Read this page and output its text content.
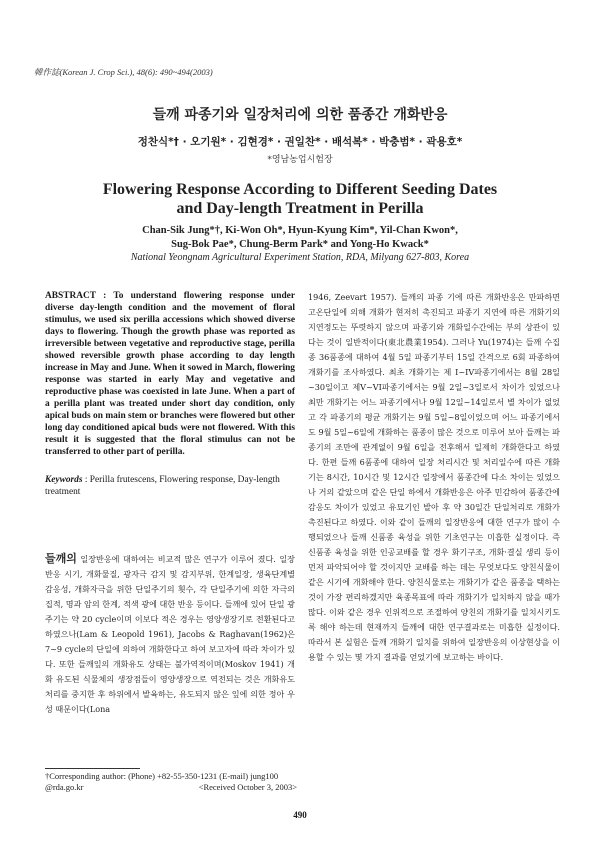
韓作誌(Korean J. Crop Sci.), 48(6): 490~494(2003)
들깨 파종기와 일장처리에 의한 품종간 개화반응
정찬식*† · 오기원* · 김현경* · 권일찬* · 배석복* · 박충범* · 곽용호*
*영남농업시험장
Flowering Response According to Different Seeding Dates
and Day-length Treatment in Perilla
Chan-Sik Jung*†, Ki-Won Oh*, Hyun-Kyung Kim*, Yil-Chan Kwon*,
Sug-Bok Pae*, Chung-Berm Park* and Yong-Ho Kwack*
National Yeongnam Agricultural Experiment Station, RDA, Milyang 627-803, Korea

ABSTRACT : To understand flowering response under diverse day-length condition and the movement of floral stimulus, we used six perilla accessions which showed diverse days to flowering. Though the growth phase was reported as irreversible between vegetative and reproductive stage, perilla showed reversible growth phase according to day length increase in May and June. When it sowed in March, flowering response was started in early May and vegetative and reproductive phase was coexisted in late June. When a part of a perilla plant was treated under short day condition, only apical buds on main stem or branches were flowered but other long day conditioned apical buds were not flowered. With this result it is suggested that the floral stimulus can not be transferred to other part of perilla.

Keywords : Perilla frutescens, Flowering response, Day-length treatment

들깨의 일장반응에 대하여는 비교적 많은 연구가 이루어 졌다. 일장반응 시기, 개화물질, 광자극 감지 및 감지부위, 한계일장, 생육단계별 감응성, 개화자극을 위한 단일주기의 횟수, 각 단일주기에 의한 자극의 집적, 명과 암의 한계, 적색 광에 대한 반응 등이다. 들깨에 있어 단일 광주기는 약 20 cycle이며 이보다 적은 경우는 영양생장기로 전환된다고 하였으나(Lam & Leopold 1961), Jacobs & Raghavan(1962)은 7~9 cycle의 단일에 의하여 개화한다고 하여 보고자에 따라 차이가 있다. 또한 들깨잎의 개화유도 상태는 불가역적이며(Moskov 1941) 개화 유도된 식물체의 생장점들이 영양생장으로 역전되는 것은 개화유도 처리를 중지한 후 하위에서 발육하는, 유도되지 않은 잎에 의한 정아 우성 때문이다(Lona

1946, Zeevart 1957). 들깨의 파종 기에 따른 개화반응은 만파하면 고온단일에 의해 개화가 현저히 촉진되고 파종기 지연에 따른 개화기의 지연정도는 뚜렷하지 않으며 파종기와 개화일수간에는 부의 상관이 있다는 것이 일반적이다(東北農業1954). 그러나 Yu(1974)는 들깨 수집종 36품종에 대하여 4월 5일 파종기부터 15일 간격으로 6회 파종하여 개화기를 조사하였다. 최초 개화기는 제 I~IV파종기에서는 8월 28일~30일이고 제V~VI파종기에서는 9월 2일~3일로서 차이가 있었으나 최만 개화기는 어느 파종기에서나 9월 12일~14일로서 별 차이가 없었고 각 파종기의 평균 개화기는 9월 5일~8일이었으며 어느 파종기에서도 9월 5일~6일에 개화하는 품종이 많은 것으로 미루어 보아 들깨는 파종기의 조만에 관계없이 9월 6일을 전후해서 일제히 개화한다고 하였다. 한편 들깨 6품종에 대하여 일장 처리시간 및 처리일수에 따른 개화기는 8시간, 10시간 및 12시간 일장에서 품종간에 다소 차이는 있었으나 거의 같았으며 같은 단일 하에서 개화반응은 아주 민감하여 품종간에 감응도 차이가 있었고 유묘기인 발아 후 약 30일간 단일처리로 개화가 촉진된다고 하였다. 이와 같이 들깨의 일장반응에 대한 연구가 많이 수행되었으나 들깨 신품종 육성을 위한 기초연구는 미흡한 실정이다. 즉 신품종 육성을 위한 인공교배를 할 경우 화기구조, 개화·결실 생리 등이 먼저 파악되어야 할 것이지만 교배를 하는 데는 무엇보다도 양친식물이 같은 시기에 개화해야 한다. 양친식물로는 개화기가 같은 품종을 택하는 것이 가장 편리하겠지만 육종목표에 따라 개화기가 일치하지 않을 때가 많다. 이와 같은 경우 인위적으로 조절하여 양친의 개화기를 일치시키도록 해야 하는데 현재까지 들깨에 대한 연구결과로는 미흡한 실정이다. 따라서 본 실험은 들깨 개화기 일치를 위하여 일장반응의 이상현상을 이용할 수 있는 몇 가지 결과를 얻었기에 보고하는 바이다.

†Corresponding author: (Phone) +82-55-350-1231 (E-mail) jung100 @rda.go.kr	<Received October 3, 2003>
490
